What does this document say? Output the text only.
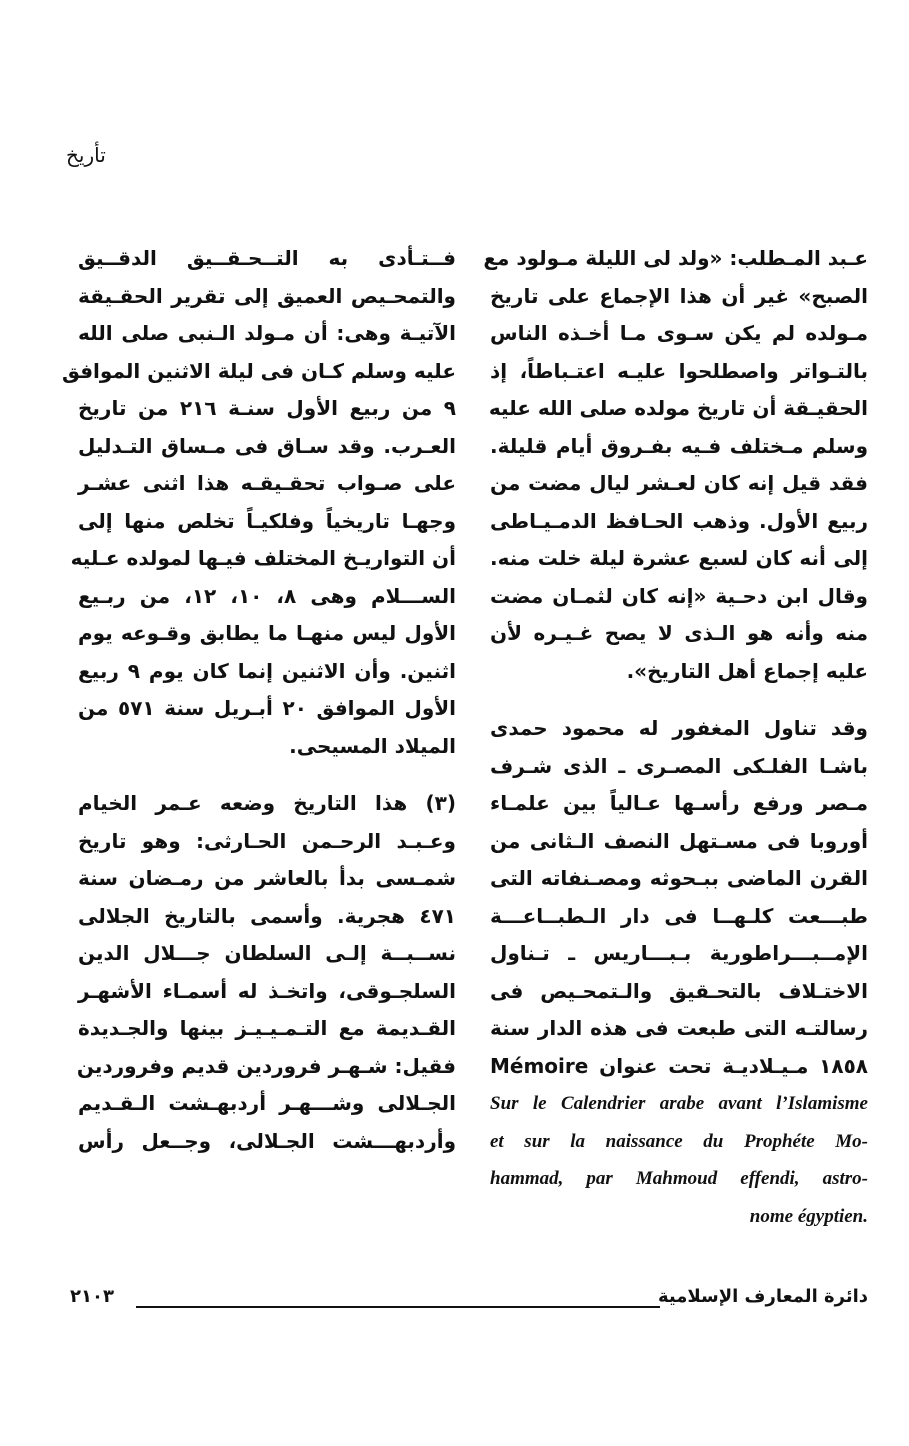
تأريخ
عـبد المـطلب: «ولد لى الليلة مـولود مع
الصبح» غير أن هذا الإجماع على تاريخ
مـولده لم يكن سـوى مـا أخـذه الناس
بالتـواتر واصطلحوا عليـه اعتـباطاً، إذ
الحقيـقة أن تاريخ مولده صلى الله عليه
وسلم مـختلف فـيه بفـروق أيام قليلة.
فقد قيل إنه كان لعـشر ليال مضت من
ربيع الأول. وذهب الحـافظ الدمـيـاطى
إلى أنه كان لسبع عشرة ليلة خلت منه.
وقال ابن دحـية «إنه كان لثمـان مضت
منه وأنه هو الـذى لا يصح غـيـره لأن
عليه إجماع أهل التاريخ».
وقد تناول المغفور له محمود حمدى
باشـا الفلـكى المصـرى ـ الذى شـرف
مـصر ورفع رأسـها عـالياً بين علمـاء
أوروبا فى مسـتهل النصف الـثانى من
القرن الماضى ببـحوثه ومصـنفاته التى
طبـــعت كلـهــا فى دار الـطبــاعـــة
الإمــبـــراطورية بـبـــاريس ـ تـناول
الاختـلاف بالتحـقيق والـتمحـيص فى
رسالتـه التى طبعت فى هذه الدار سنة
١٨٥٨ مـيـلاديـة تحت عنوان Mémoire
Sur le Calendrier arabe avant l’Islamisme
et sur la naissance du Prophéte Mo-
hammad, par Mahmoud effendi, astro-
nome égyptien.
فــتـأدى به التــحـقــيق الدقــيق
والتمحـيص العميق إلى تقرير الحقـيقة
الآتيـة وهى: أن مـولد الـنبى صلى الله
عليه وسلم كـان فى ليلة الاثنين الموافق
٩ من ربيع الأول سنـة ٢١٦ من تاريخ
العـرب. وقد سـاق فى مـساق التـدليل
على صـواب تحقـيقـه هذا اثنى عشـر
وجهـا تاريخياً وفلكيـاً تخلص منها إلى
أن التواريـخ المختلف فيـها لمولده عـليه
الســـلام وهى ٨، ١٠، ١٢، من ربـيع
الأول ليس منهـا ما يطابق وقـوعه يوم
اثنين. وأن الاثنين إنما كان يوم ٩ ربيع
الأول الموافق ٢٠ أبـريل سنة ٥٧١ من
الميلاد المسيحى.
(٣) هذا التاريخ وضعه عـمر الخيام
وعـبـد الرحـمن الحـارثى: وهو تاريخ
شمـسى بدأ بالعاشر من رمـضان سنة
٤٧١ هجرية. وأسمى بالتاريخ الجلالى
نســبــة إلـى السلطان جـــلال الدين
السلجـوقى، واتخـذ له أسمـاء الأشهـر
القـديمة مع التـمـيـيـز بينها والجـديدة
فقيل: شـهـر فروردين قديم وفروردين
الجـلالى وشـــهـر أردبهـشت الـقـديم
وأردبهـــشت الجـلالى، وجــعل رأس
دائرة المعارف الإسلامية
٢١٠٣
